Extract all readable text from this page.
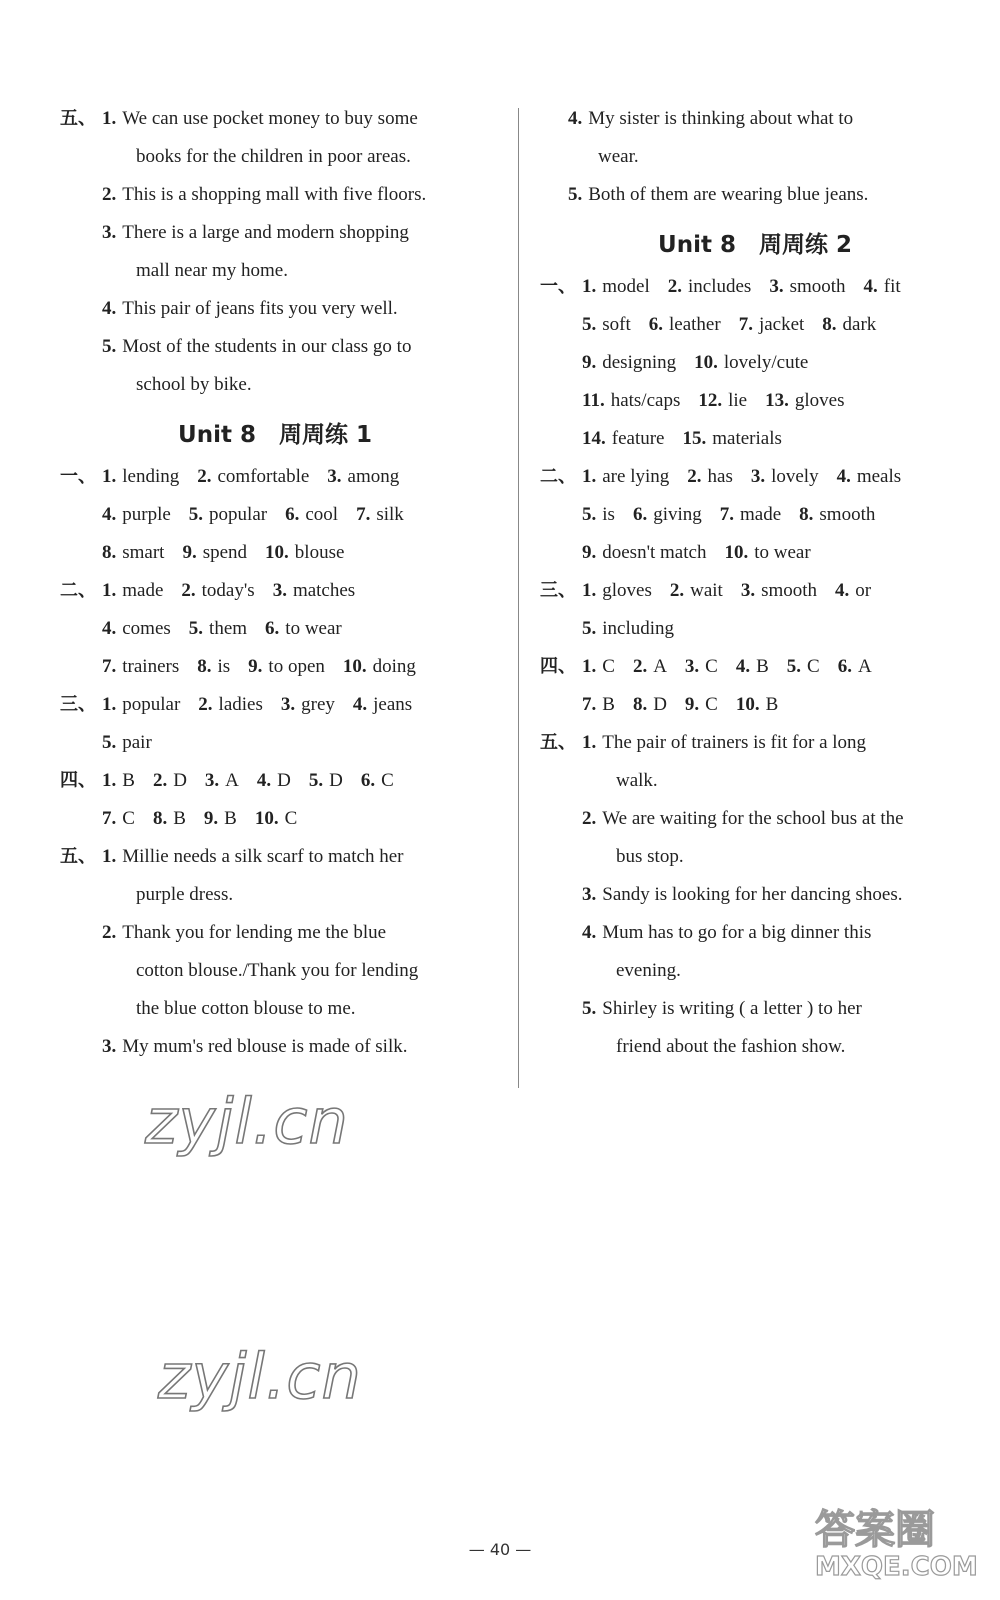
五、 1. We can use pocket money to buy some
books for the children in poor areas.
2. This is a shopping mall with five floors.
3. There is a large and modern shopping
mall near my home.
4. This pair of jeans fits you very well.
5. Most of the students in our class go to
school by bike.
Unit 8　周周练 1
一、 1. lending 2. comfortable 3. among
4. purple 5. popular 6. cool 7. silk
8. smart 9. spend 10. blouse
二、 1. made 2. today's 3. matches
4. comes 5. them 6. to wear
7. trainers 8. is 9. to open 10. doing
三、 1. popular 2. ladies 3. grey 4. jeans
5. pair
四、 1. B 2. D 3. A 4. D 5. D 6. C
7. C 8. B 9. B 10. C
五、 1. Millie needs a silk scarf to match her
purple dress.
2. Thank you for lending me the blue
cotton blouse./Thank you for lending
the blue cotton blouse to me.
3. My mum's red blouse is made of silk.
4. My sister is thinking about what to
wear.
5. Both of them are wearing blue jeans.
Unit 8　周周练 2
一、 1. model 2. includes 3. smooth 4. fit
5. soft 6. leather 7. jacket 8. dark
9. designing 10. lovely/cute
11. hats/caps 12. lie 13. gloves
14. feature 15. materials
二、 1. are lying 2. has 3. lovely 4. meals
5. is 6. giving 7. made 8. smooth
9. doesn't match 10. to wear
三、 1. gloves 2. wait 3. smooth 4. or
5. including
四、 1. C 2. A 3. C 4. B 5. C 6. A
7. B 8. D 9. C 10. B
五、 1. The pair of trainers is fit for a long
walk.
2. We are waiting for the school bus at the
bus stop.
3. Sandy is looking for her dancing shoes.
4. Mum has to go for a big dinner this
evening.
5. Shirley is writing ( a letter ) to her
friend about the fashion show.
zyjl.cn
zyjl.cn
答案圈
MXQE.COM
— 40 —
